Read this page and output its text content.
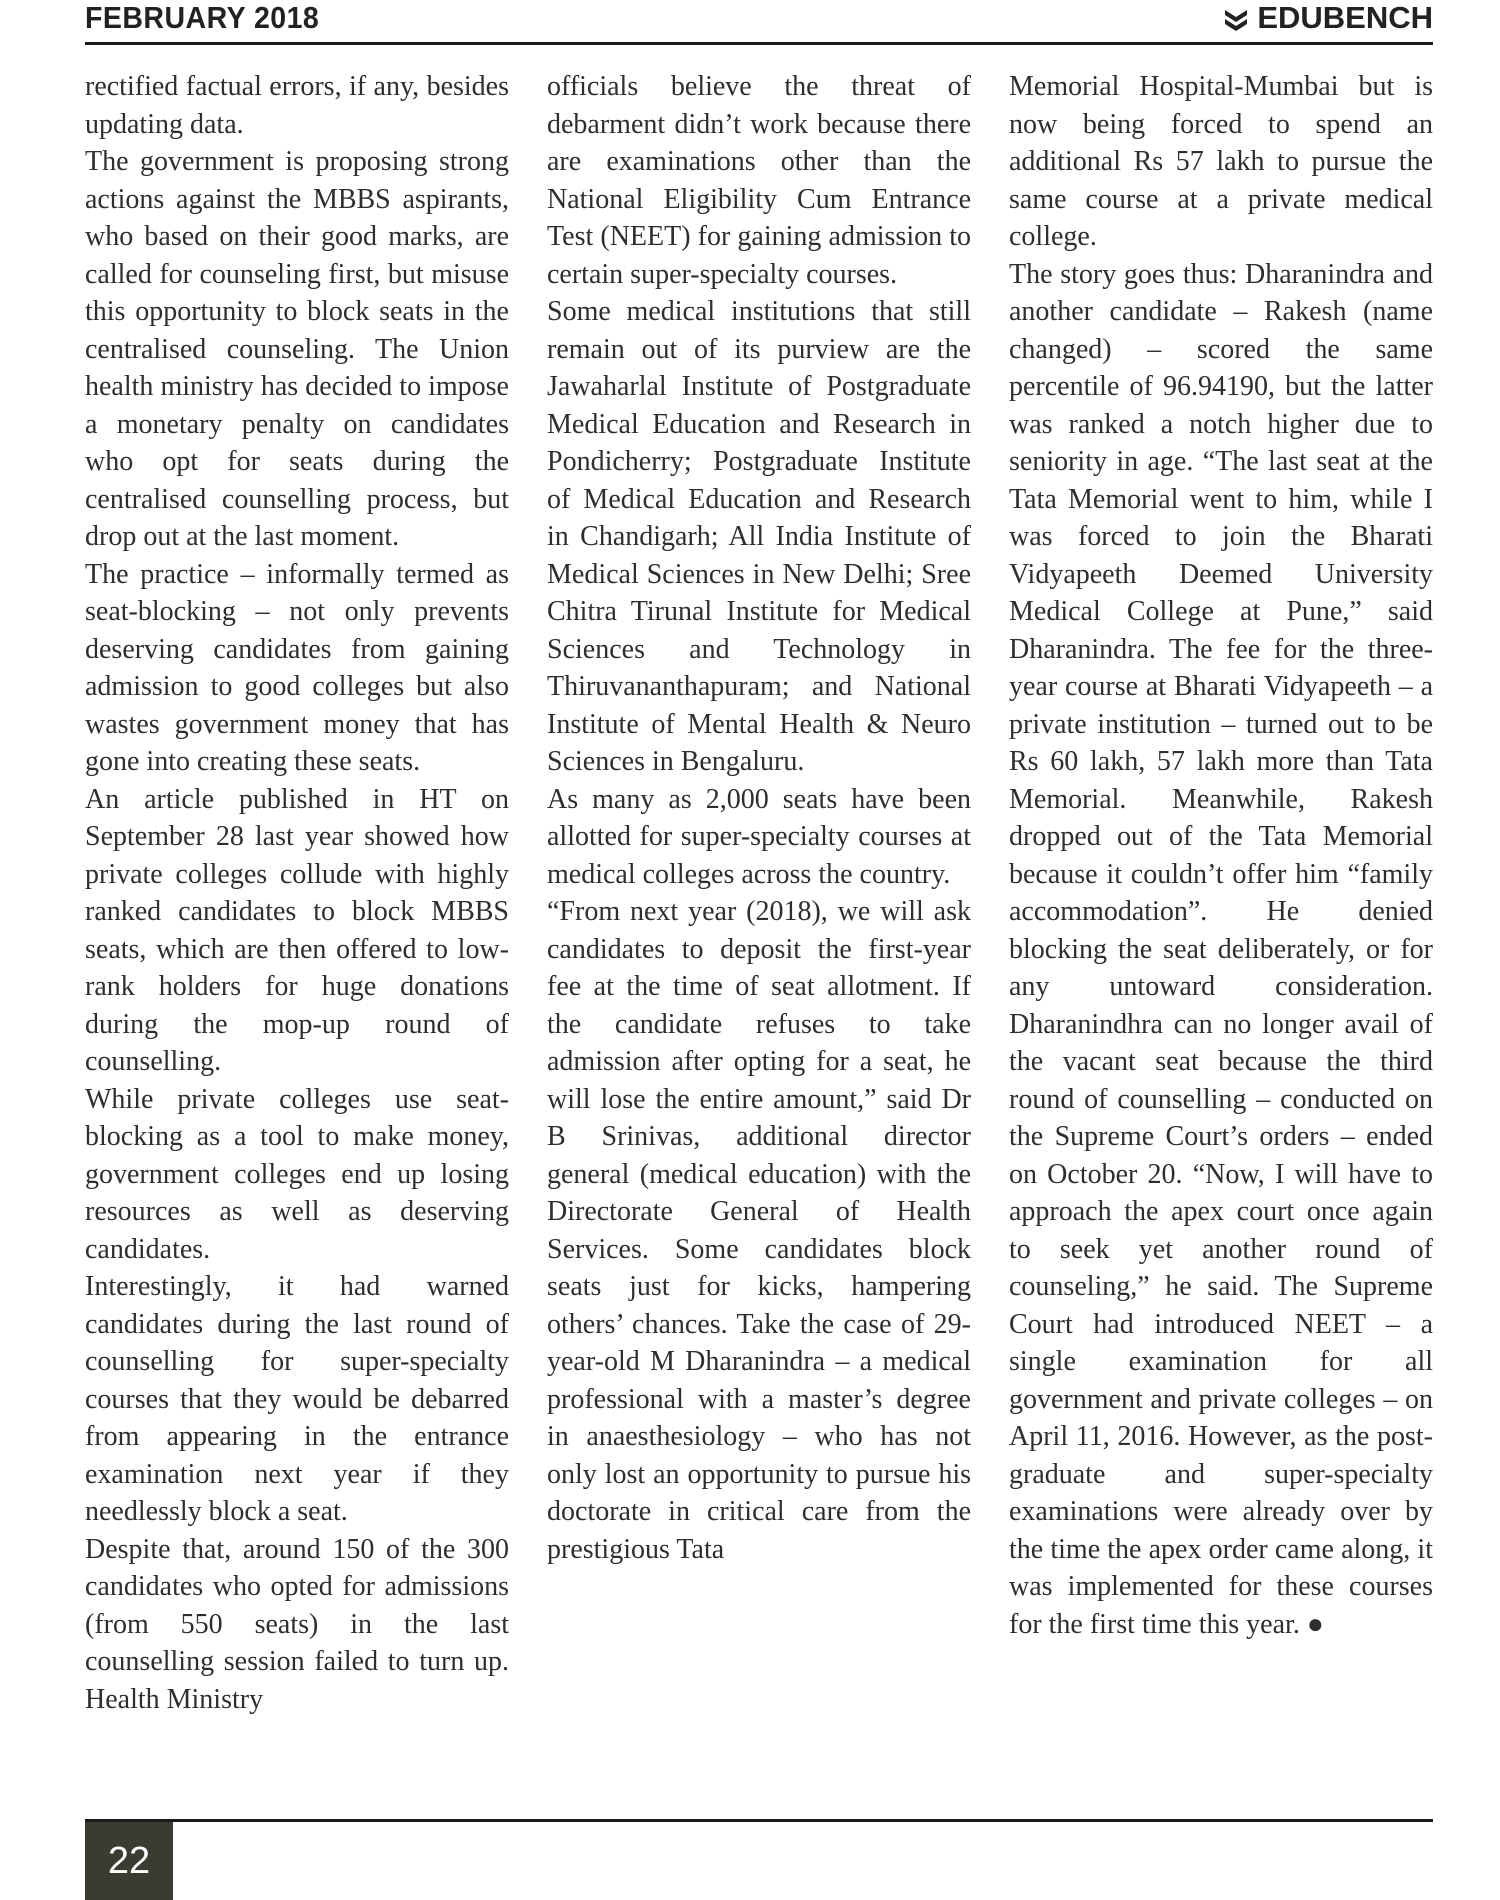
FEBRUARY 2018	EDUBENCH

rectified factual errors, if any, besides updating data.

The government is proposing strong actions against the MBBS aspirants, who based on their good marks, are called for counseling first, but misuse this opportunity to block seats in the centralised counseling. The Union health ministry has decided to impose a monetary penalty on candidates who opt for seats during the centralised counselling process, but drop out at the last moment.

The practice – informally termed as seat-blocking – not only prevents deserving candidates from gaining admission to good colleges but also wastes government money that has gone into creating these seats.

An article published in HT on September 28 last year showed how private colleges collude with highly ranked candidates to block MBBS seats, which are then offered to low-rank holders for huge donations during the mop-up round of counselling.

While private colleges use seat-blocking as a tool to make money, government colleges end up losing resources as well as deserving candidates.

Interestingly, it had warned candidates during the last round of counselling for super-specialty courses that they would be debarred from appearing in the entrance examination next year if they needlessly block a seat.

Despite that, around 150 of the 300 candidates who opted for admissions (from 550 seats) in the last counselling session failed to turn up. Health Ministry

officials believe the threat of debarment didn’t work because there are examinations other than the National Eligibility Cum Entrance Test (NEET) for gaining admission to certain super-specialty courses.

Some medical institutions that still remain out of its purview are the Jawaharlal Institute of Postgraduate Medical Education and Research in Pondicherry; Postgraduate Institute of Medical Education and Research in Chandigarh; All India Institute of Medical Sciences in New Delhi; Sree Chitra Tirunal Institute for Medical Sciences and Technology in Thiruvananthapuram; and National Institute of Mental Health & Neuro Sciences in Bengaluru.

As many as 2,000 seats have been allotted for super-specialty courses at medical colleges across the country.

“From next year (2018), we will ask candidates to deposit the first-year fee at the time of seat allotment. If the candidate refuses to take admission after opting for a seat, he will lose the entire amount,” said Dr B Srinivas, additional director general (medical education) with the Directorate General of Health Services. Some candidates block seats just for kicks, hampering others’ chances. Take the case of 29-year-old M Dharanindra – a medical professional with a master’s degree in anaesthesiology – who has not only lost an opportunity to pursue his doctorate in critical care from the prestigious Tata

Memorial Hospital-Mumbai but is now being forced to spend an additional Rs 57 lakh to pursue the same course at a private medical college.

The story goes thus: Dharanindra and another candidate – Rakesh (name changed) – scored the same percentile of 96.94190, but the latter was ranked a notch higher due to seniority in age. “The last seat at the Tata Memorial went to him, while I was forced to join the Bharati Vidyapeeth Deemed University Medical College at Pune,” said Dharanindra. The fee for the three-year course at Bharati Vidyapeeth – a private institution – turned out to be Rs 60 lakh, 57 lakh more than Tata Memorial. Meanwhile, Rakesh dropped out of the Tata Memorial because it couldn’t offer him “family accommodation”. He denied blocking the seat deliberately, or for any untoward consideration. Dharanindhra can no longer avail of the vacant seat because the third round of counselling – conducted on the Supreme Court’s orders – ended on October 20. “Now, I will have to approach the apex court once again to seek yet another round of counseling,” he said. The Supreme Court had introduced NEET – a single examination for all government and private colleges – on April 11, 2016. However, as the post-graduate and super-specialty examinations were already over by the time the apex order came along, it was implemented for these courses for the first time this year. ●

22
